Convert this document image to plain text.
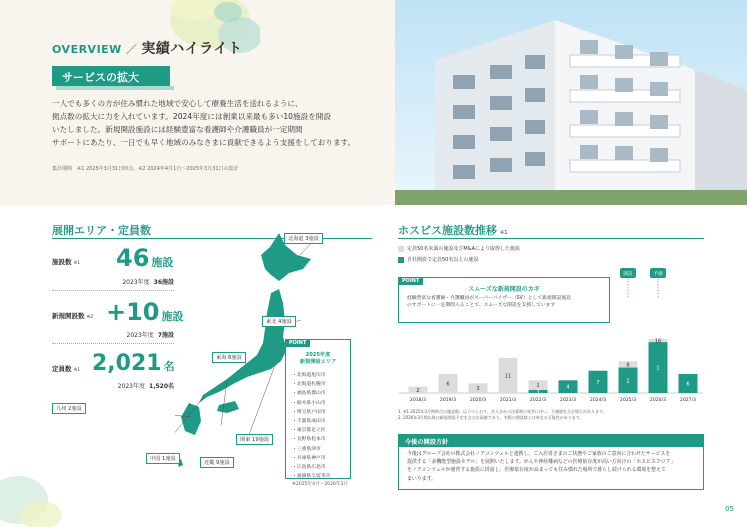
OVERVIEW ／ 実績ハイライト
サービスの拡大

一人でも多くの方が住み慣れた地域で安心して療養生活を送れるように、

拠点数の拡大に力を入れています。2024年度には創業以来最も多い10施設を開設

いたしました。新規開設施設には経験豊富な看護師や介護職員が一定期間

サポートにあたり、一日でも早く地域のみなさまに貢献できるよう支援をしております。

集計期間　※1 2025年3月31日時点、※2 2024年4月1日～2025年3月31日の集計
展開エリア・定員数
施設数 ※1 46 施設
2023年度 36施設
新規開設数 ※2 +10 施設
2023年度 7施設
定員数 ※1 2,021 名
2023年度 1,520名
北海道 3施設
東北 4施設
東海 8施設
関東 19施設
近畿 9施設
中国 1施設
九州 2施設
POINT
2025年度
新規開設エリア
・北海道旭川市
・北海道札幌市
・福島県郡山市
・栃木県小山市
・埼玉県戸田市
・千葉県成田市
・東京都足立区
・長野県松本市
・三重県津市
・兵庫県神戸市
・広島県広島市
・福岡県久留米市
※2025年4月～2026年3月
ホスピス施設数推移 ※1
定員50名未満の施設及びM&Aにより取得した施設
自社開設で定員50名以上の施設
2
2018/3
6
2019/3
3
2020/3
11
2021/3
3
1
2022/3
4
2023/3
7
2024/3
2
8
2025/3
1
16
2026/3
6
2027/3
開設	予測
POINT
スムーズな新規開設のカギ
経験豊富な看護師・介護職員がスーパーバイザー（SV）として新規開設施設
のサポートに一定期間入ることで、スムーズな開設を支援しています
1. ※1 2025年3月期時点の施設数。以下のとおり、法人各社の決算期の変更に伴い、予測値を含む場合があります。
2. 2026年3月期以降は新規開設予定を含む計画値であり、実際の開設数とは異なる可能性があります。
今後の開設方針
今後はグループ会社の株式会社ノアコンツェルと連携し、ご入居者さまのご状態やご家族のご意向に合わせたサービスを
提供する「多機能型施設モデル」を展開いたします。がんや神経難病などの医療依存度が高い方向けの「ホスピスフロア」
をノアコンツェルが運営する施設に併設し、医療依存度が高まっても住み慣れた場所で暮らし続けられる環境を整えて
まいります。
05
